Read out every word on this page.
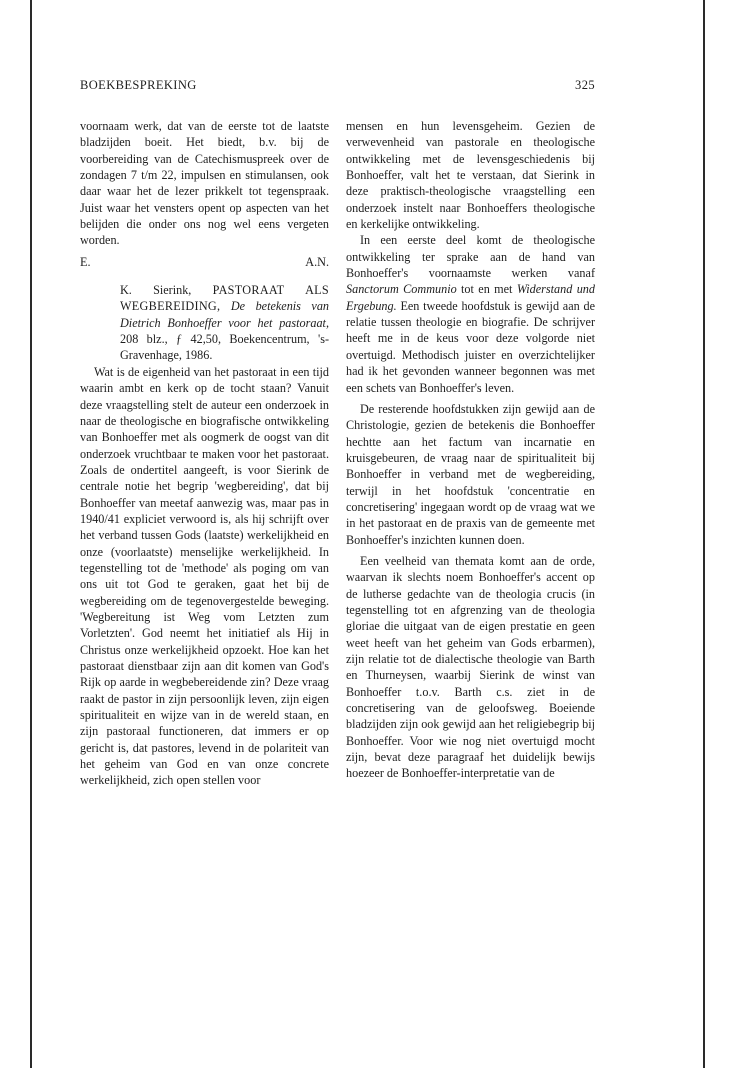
BOEKBESPREKING	325

voornaam werk, dat van de eerste tot de laatste bladzijden boeit. Het biedt, b.v. bij de voorbereiding van de Catechismuspreek over de zondagen 7 t/m 22, impulsen en stimulansen, ook daar waar het de lezer prikkelt tot tegenspraak. Juist waar het vensters opent op aspecten van het belijden die onder ons nog wel eens vergeten worden.

E.	A.N.

K. Sierink, PASTORAAT ALS WEGBEREIDING, De betekenis van Dietrich Bonhoeffer voor het pastoraat, 208 blz., ƒ 42,50, Boekencentrum, 's-Gravenhage, 1986.

Wat is de eigenheid van het pastoraat in een tijd waarin ambt en kerk op de tocht staan? Vanuit deze vraagstelling stelt de auteur een onderzoek in naar de theologische en biografische ontwikkeling van Bonhoeffer met als oogmerk de oogst van dit onderzoek vruchtbaar te maken voor het pastoraat. Zoals de ondertitel aangeeft, is voor Sierink de centrale notie het begrip 'wegbereiding', dat bij Bonhoeffer van meetaf aanwezig was, maar pas in 1940/41 expliciet verwoord is, als hij schrijft over het verband tussen Gods (laatste) werkelijkheid en onze (voorlaatste) menselijke werkelijkheid. In tegenstelling tot de 'methode' als poging om van ons uit tot God te geraken, gaat het bij de wegbereiding om de tegenovergestelde beweging. 'Wegbereitung ist Weg vom Letzten zum Vorletzten'. God neemt het initiatief als Hij in Christus onze werkelijkheid opzoekt. Hoe kan het pastoraat dienstbaar zijn aan dit komen van God's Rijk op aarde in wegbebereidende zin? Deze vraag raakt de pastor in zijn persoonlijk leven, zijn eigen spiritualiteit en wijze van in de wereld staan, en zijn pastoraal functioneren, dat immers er op gericht is, dat pastores, levend in de polariteit van het geheim van God en van onze concrete werkelijkheid, zich open stellen voor

mensen en hun levensgeheim. Gezien de verwevenheid van pastorale en theologische ontwikkeling met de levensgeschiedenis bij Bonhoeffer, valt het te verstaan, dat Sierink in deze praktisch-theologische vraagstelling een onderzoek instelt naar Bonhoeffers theologische en kerkelijke ontwikkeling.

In een eerste deel komt de theologische ontwikkeling ter sprake aan de hand van Bonhoeffer's voornaamste werken vanaf Sanctorum Communio tot en met Widerstand und Ergebung. Een tweede hoofdstuk is gewijd aan de relatie tussen theologie en biografie. De schrijver heeft me in de keus voor deze volgorde niet overtuigd. Methodisch juister en overzichtelijker had ik het gevonden wanneer begonnen was met een schets van Bonhoeffer's leven.

De resterende hoofdstukken zijn gewijd aan de Christologie, gezien de betekenis die Bonhoeffer hechtte aan het factum van incarnatie en kruisgebeuren, de vraag naar de spiritualiteit bij Bonhoeffer in verband met de wegbereiding, terwijl in het hoofdstuk 'concentratie en concretisering' ingegaan wordt op de vraag wat we in het pastoraat en de praxis van de gemeente met Bonhoeffer's inzichten kunnen doen.

Een veelheid van themata komt aan de orde, waarvan ik slechts noem Bonhoeffer's accent op de lutherse gedachte van de theologia crucis (in tegenstelling tot en afgrenzing van de theologia gloriae die uitgaat van de eigen prestatie en geen weet heeft van het geheim van Gods erbarmen), zijn relatie tot de dialectische theologie van Barth en Thurneysen, waarbij Sierink de winst van Bonhoeffer t.o.v. Barth c.s. ziet in de concretisering van de geloofsweg. Boeiende bladzijden zijn ook gewijd aan het religiebegrip bij Bonhoeffer. Voor wie nog niet overtuigd mocht zijn, bevat deze paragraaf het duidelijk bewijs hoezeer de Bonhoeffer-interpretatie van de
